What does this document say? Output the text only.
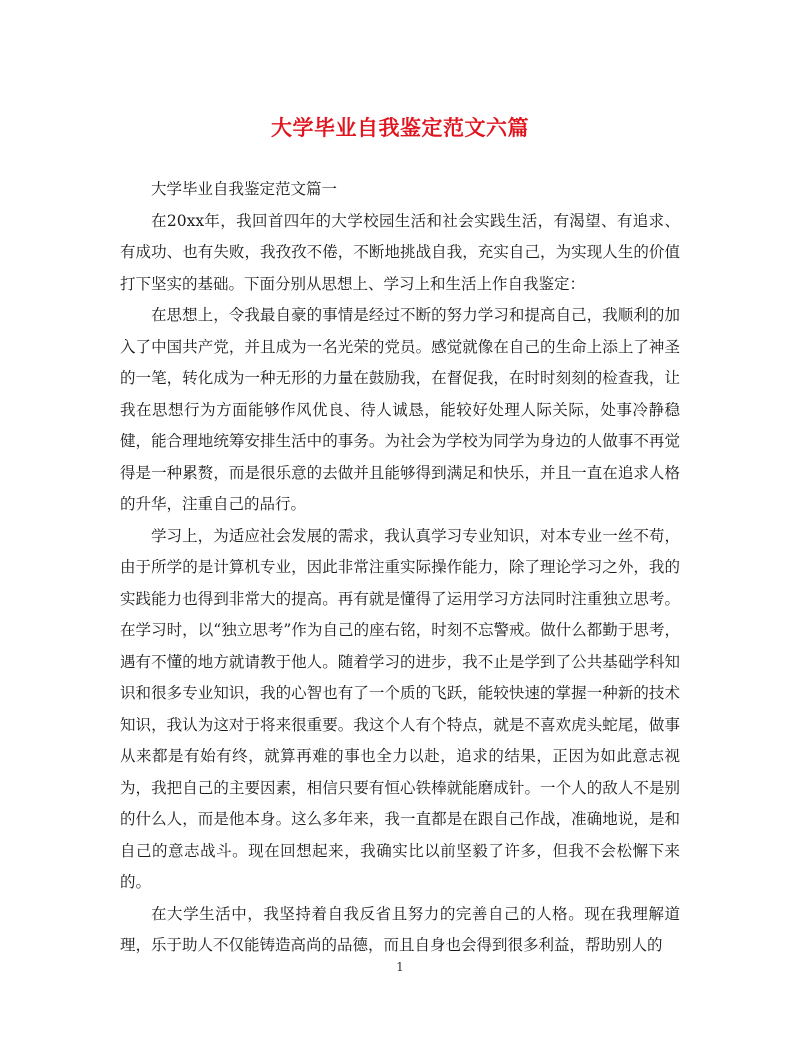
大学毕业自我鉴定范文六篇

大学毕业自我鉴定范文篇一

在20xx年，我回首四年的大学校园生活和社会实践生活，有渴望、有追求、有成功、也有失败，我孜孜不倦，不断地挑战自我，充实自己，为实现人生的价值打下坚实的基础。下面分别从思想上、学习上和生活上作自我鉴定：

在思想上，令我最自豪的事情是经过不断的努力学习和提高自己，我顺利的加入了中国共产党，并且成为一名光荣的党员。感觉就像在自己的生命上添上了神圣的一笔，转化成为一种无形的力量在鼓励我，在督促我，在时时刻刻的检查我，让我在思想行为方面能够作风优良、待人诚恳，能较好处理人际关际，处事冷静稳健，能合理地统筹安排生活中的事务。为社会为学校为同学为身边的人做事不再觉得是一种累赘，而是很乐意的去做并且能够得到满足和快乐，并且一直在追求人格的升华，注重自己的品行。

学习上，为适应社会发展的需求，我认真学习专业知识，对本专业一丝不苟，由于所学的是计算机专业，因此非常注重实际操作能力，除了理论学习之外，我的实践能力也得到非常大的提高。再有就是懂得了运用学习方法同时注重独立思考。在学习时，以“独立思考”作为自己的座右铭，时刻不忘警戒。做什么都勤于思考，遇有不懂的地方就请教于他人。随着学习的进步，我不止是学到了公共基础学科知识和很多专业知识，我的心智也有了一个质的飞跃，能较快速的掌握一种新的技术知识，我认为这对于将来很重要。我这个人有个特点，就是不喜欢虎头蛇尾，做事从来都是有始有终，就算再难的事也全力以赴，追求的结果，正因为如此意志视为，我把自己的主要因素，相信只要有恒心铁棒就能磨成针。一个人的敌人不是别的什么人，而是他本身。这么多年来，我一直都是在跟自己作战，准确地说，是和自己的意志战斗。现在回想起来，我确实比以前坚毅了许多，但我不会松懈下来的。

在大学生活中，我坚持着自我反省且努力的完善自己的人格。现在我理解道理，乐于助人不仅能铸造高尚的品德，而且自身也会得到很多利益，帮助别人的

1
